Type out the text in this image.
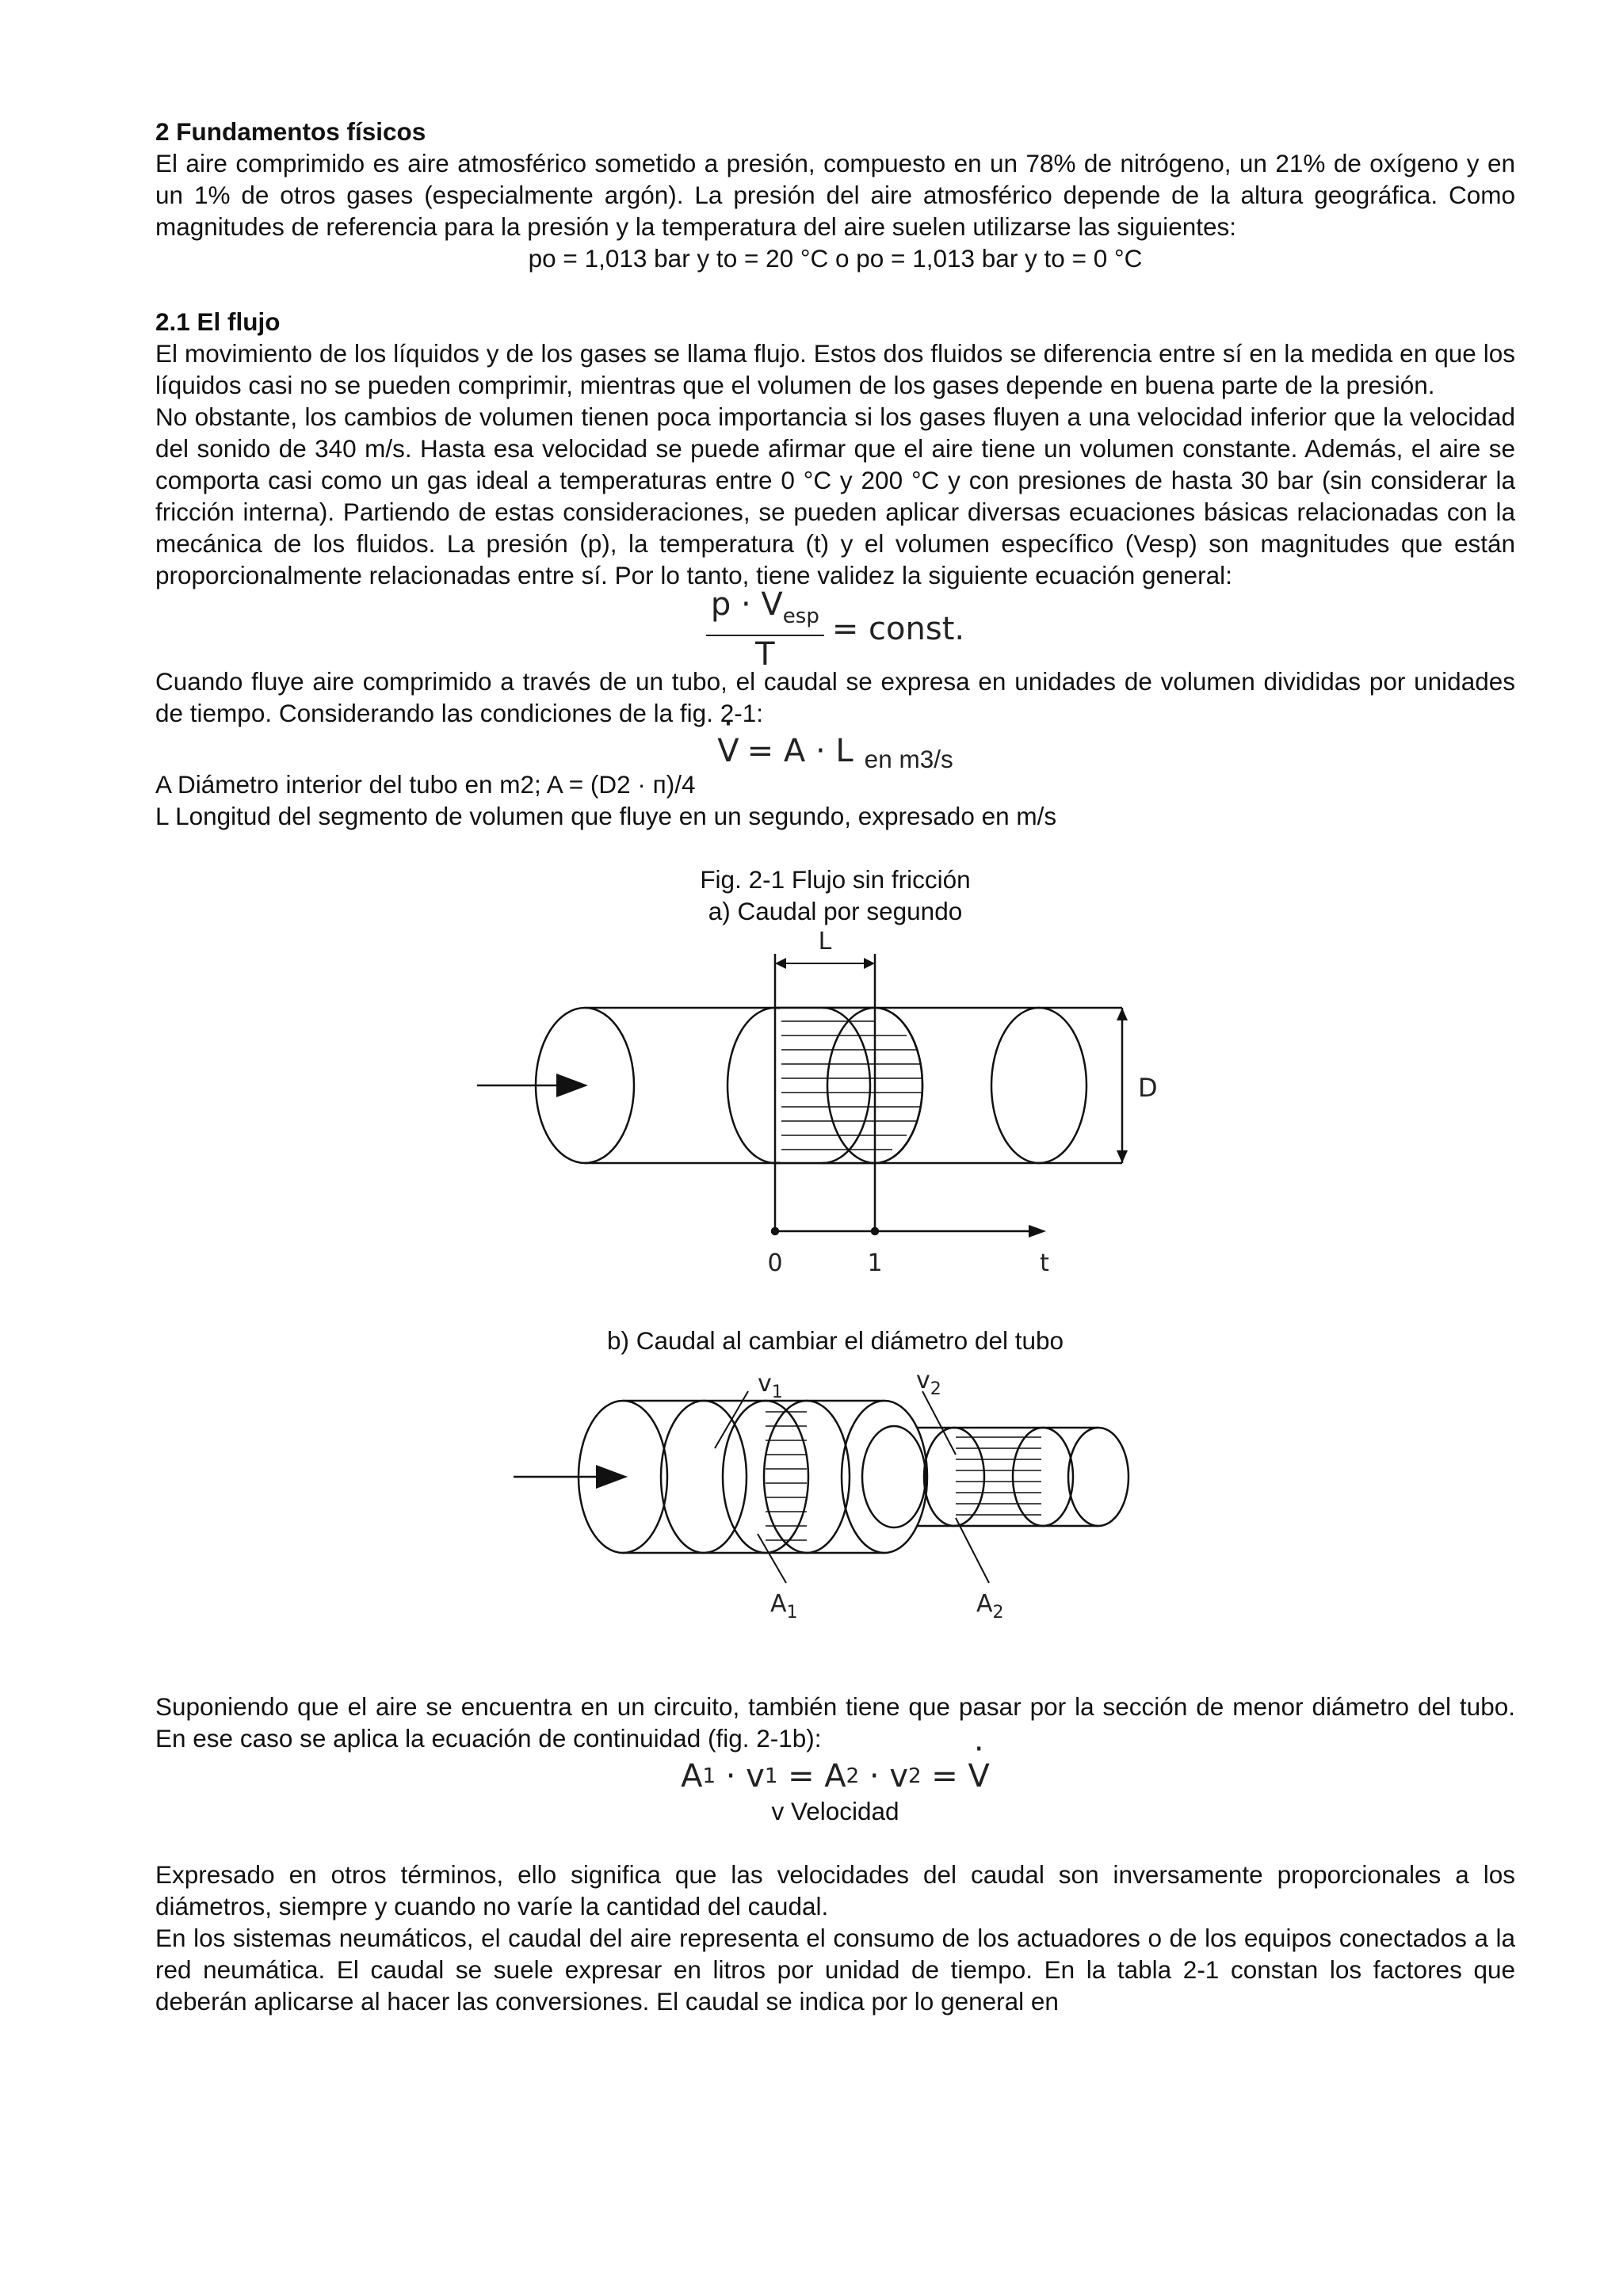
2 Fundamentos físicos

El aire comprimido es aire atmosférico sometido a presión, compuesto en un 78% de nitrógeno, un 21% de oxígeno y en un 1% de otros gases (especialmente argón). La presión del aire atmosférico depende de la altura geográfica. Como magnitudes de referencia para la presión y la temperatura del aire suelen utilizarse las siguientes:

po = 1,013 bar y to = 20 °C o po = 1,013 bar y to = 0 °C
2.1 El flujo

El movimiento de los líquidos y de los gases se llama flujo. Estos dos fluidos se diferencia entre sí en la medida en que los líquidos casi no se pueden comprimir, mientras que el volumen de los gases depende en buena parte de la presión.

No obstante, los cambios de volumen tienen poca importancia si los gases fluyen a una velocidad inferior que la velocidad del sonido de 340 m/s. Hasta esa velocidad se puede afirmar que el aire tiene un volumen constante. Además, el aire se comporta casi como un gas ideal a temperaturas entre 0 °C y 200 °C y con presiones de hasta 30 bar (sin considerar la fricción interna). Partiendo de estas consideraciones, se pueden aplicar diversas ecuaciones básicas relacionadas con la mecánica de los fluidos. La presión (p), la temperatura (t) y el volumen específico (Vesp) son magnitudes que están proporcionalmente relacionadas entre sí. Por lo tanto, tiene validez la siguiente ecuación general:

$\frac{p \cdot V_{esp}}{T}$ = const.

Cuando fluye aire comprimido a través de un tubo, el caudal se expresa en unidades de volumen divididas por unidades de tiempo. Considerando las condiciones de la fig. 2-1:

· V = A · L en m3/s
A Diámetro interior del tubo en m2; A = (D2 · п)/4
L Longitud del segmento de volumen que fluye en un segundo, expresado en m/s
Fig. 2-1 Flujo sin fricción
a) Caudal por segundo
L
D
0	1	t
b) Caudal al cambiar el diámetro del tubo
$v_1$	$v_2$
$A_1$	$A_2$

Suponiendo que el aire se encuentra en un circuito, también tiene que pasar por la sección de menor diámetro del tubo. En ese caso se aplica la ecuación de continuidad (fig. 2-1b):

A 1 · v 1 = A 2 · v 2 =
· V
v Velocidad

Expresado en otros términos, ello significa que las velocidades del caudal son inversamente proporcionales a los diámetros, siempre y cuando no varíe la cantidad del caudal.

En los sistemas neumáticos, el caudal del aire representa el consumo de los actuadores o de los equipos conectados a la red neumática. El caudal se suele expresar en litros por unidad de tiempo. En la tabla 2-1 constan los factores que deberán aplicarse al hacer las conversiones. El caudal se indica por lo general en
